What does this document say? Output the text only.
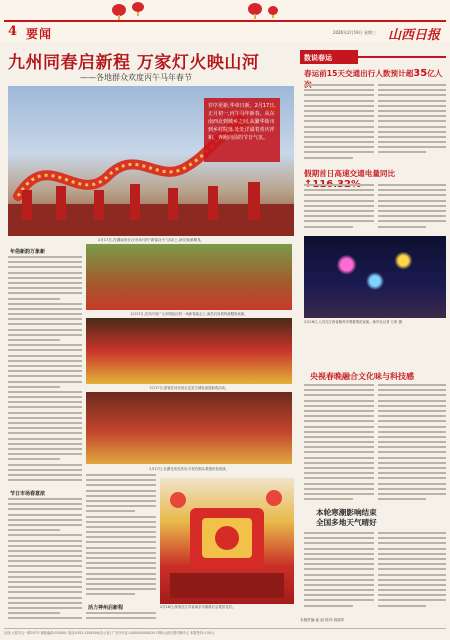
4 要闻	2026年2月19日 星期三 山西日报
九州同春启新程 万家灯火映山河
——各地群众欢度丙午马年春节
岁序更新,华章日新。2月17日,正月初一,丙午马年新春。从东南西北到城乡之间,从繁华街市到乡村院落,处处洋溢着喜庆祥和、奔跑向前的节日气氛。
2月17日,在湖南省长沙市举行的“新春社火”活动上,演员表演舞龙。
年俗新韵万象新
节日市场春意浓
2月17日,在四川省广元市昭化区的一场新春庙会上,演员们身着传统服饰表演。
2月17日,游客在河北省正定县古城参加迎新春活动。
2月17日,在湖北省宜昌市,市民在街头观看民俗表演。
活力神州启新程	2月16日,游客在江苏省南京市秦淮灯会观赏花灯。
数说春运
春运前15天交通出行人数预计超35亿人
假期首日高速交通电量同比
2月16日,人们在江西省赣州市观看烟花表演。新华社记者 万象 摄
央视春晚融合文化味与科技感
本轮寒潮影响结束
全国多地天气晴好
本版责编:崔 丽 校对:刘丽苹
社址:太原市五一路207号 邮政编码:030001 电话:0351-4282500(办公室) 广告许可证:1400004000020 印刷:山西日报印刷中心 本报售价:1.50元
